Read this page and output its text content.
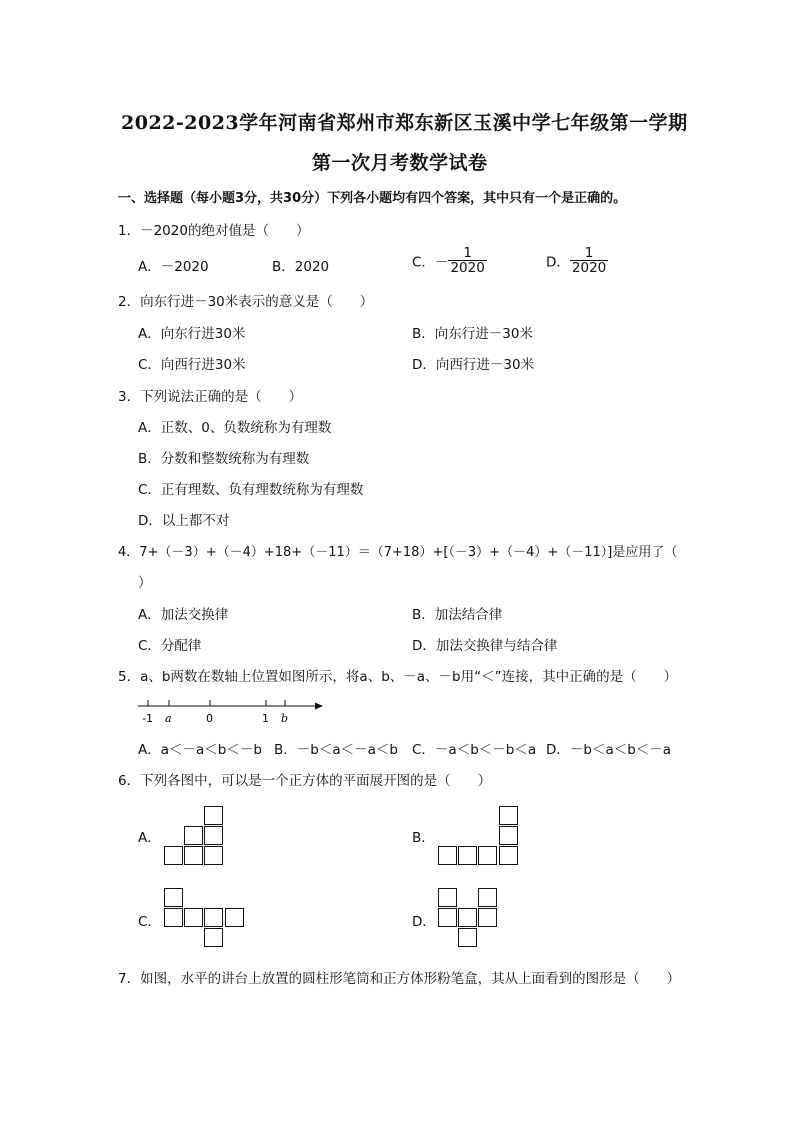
2022-2023学年河南省郑州市郑东新区玉溪中学七年级第一学期
第一次月考数学试卷
一、选择题（每小题3分，共30分）下列各小题均有四个答案，其中只有一个是正确的。
1．－2020的绝对值是（　　）
A．－2020	B．2020	C．－ $\frac{1}{2020}$	D． $\frac{1}{2020}$
2．向东行进－30米表示的意义是（　　）
A．向东行进30米	B．向东行进－30米
C．向西行进30米	D．向西行进－30米
3．下列说法正确的是（　　）
A．正数、0、负数统称为有理数
B．分数和整数统称为有理数
C．正有理数、负有理数统称为有理数
D．以上都不对
4．7+（－3）+（－4）+18+（－11）＝（7+18）+[（－3）+（－4）+（－11）]是应用了（
）
A．加法交换律	B．加法结合律
C．分配律	D．加法交换律与结合律
5．a、b两数在数轴上位置如图所示，将a、b、－a、－b用“＜”连接，其中正确的是（　　）
-1 a	0	1 b
A．a＜－a＜b＜－b B．－b＜a＜－a＜b C．－a＜b＜－b＜a D．－b＜a＜b＜－a
6．下列各图中，可以是一个正方体的平面展开图的是（　　）
A．	B．
C．	D．
7．如图，水平的讲台上放置的圆柱形笔筒和正方体形粉笔盒，其从上面看到的图形是（　　）
